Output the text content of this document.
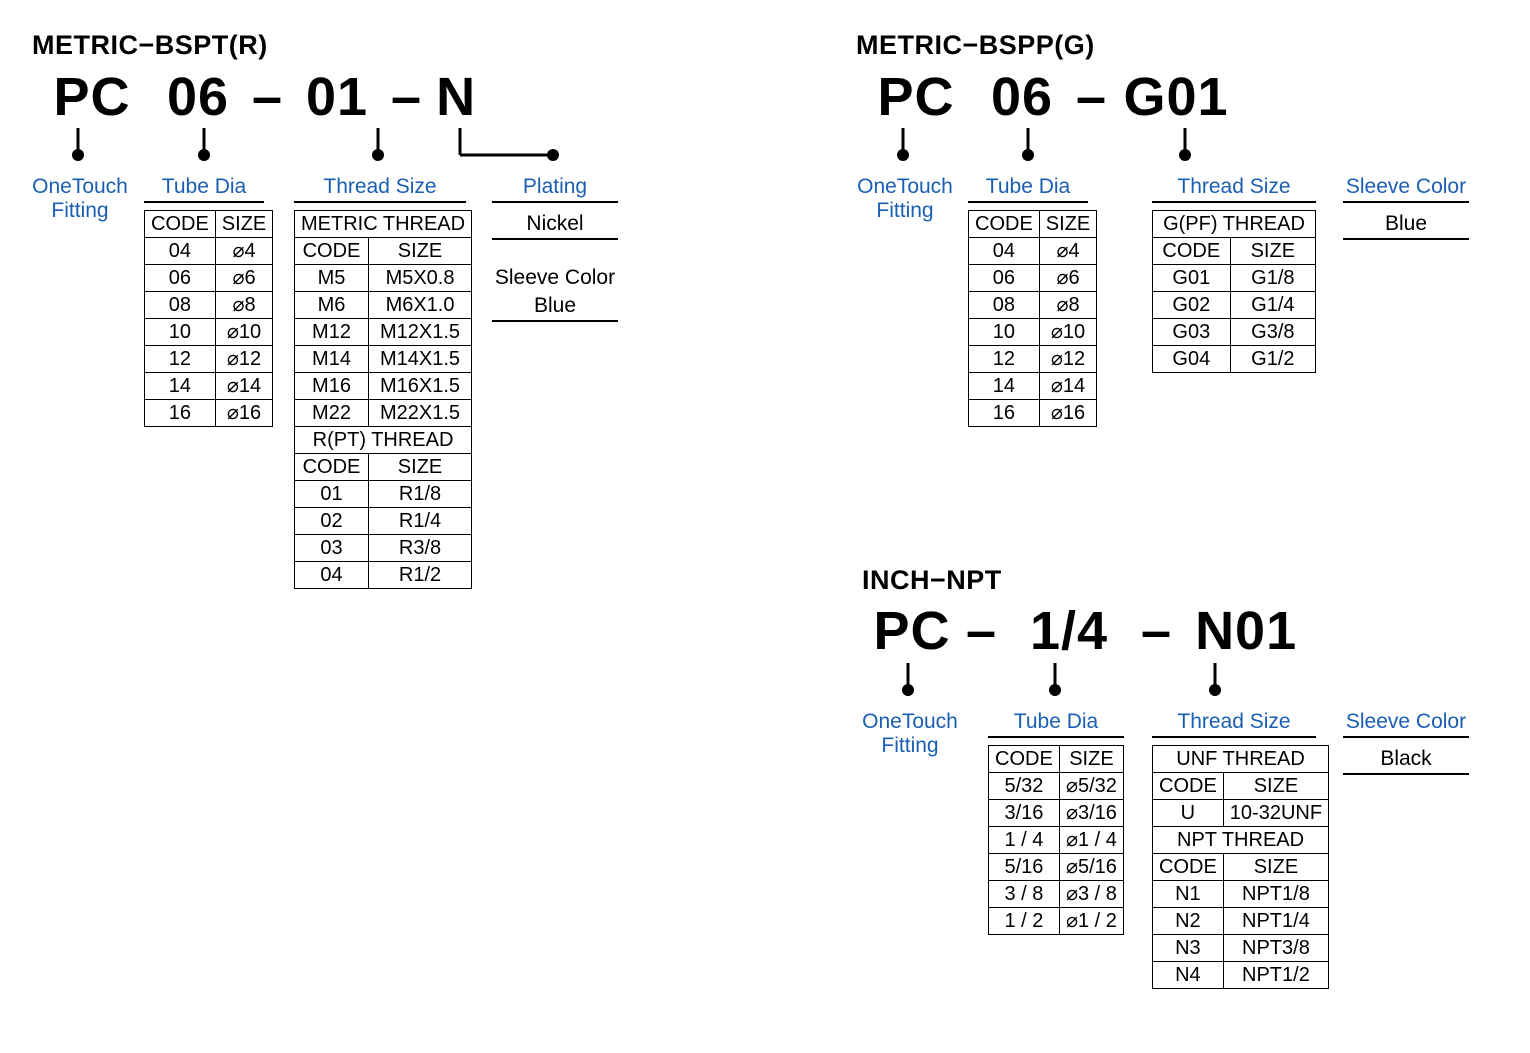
METRIC−BSPT(R)
PC 06 – 01 – N
OneTouch
Fitting
Tube Dia
CODE	SIZE
04	⌀4
06	⌀6
08	⌀8
10	⌀10
12	⌀12
14	⌀14
16	⌀16
Thread Size
METRIC THREAD	
CODE	SIZE
M5	M5X0.8
M6	M6X1.0
M12	M12X1.5
M14	M14X1.5
M16	M16X1.5
M22	M22X1.5
R(PT) THREAD	
CODE	SIZE
01	R1/8
02	R1/4
03	R3/8
04	R1/2
Plating
Nickel
Sleeve Color
Blue
METRIC−BSPP(G)
PC 06 – G01
OneTouch
Fitting
Tube Dia
CODE	SIZE
04	⌀4
06	⌀6
08	⌀8
10	⌀10
12	⌀12
14	⌀14
16	⌀16
Thread Size
G(PF) THREAD	
CODE	SIZE
G01	G1/8
G02	G1/4
G03	G3/8
G04	G1/2
Sleeve Color
Blue
INCH−NPT
PC – 1/4 – N01
OneTouch
Fitting
Tube Dia
CODE	SIZE
5/32	⌀5/32
3/16	⌀3/16
1 / 4	⌀1 / 4
5/16	⌀5/16
3 / 8	⌀3 / 8
1 / 2	⌀1 / 2
Thread Size
UNF THREAD	
CODE	SIZE
U	10-32UNF
NPT THREAD	
CODE	SIZE
N1	NPT1/8
N2	NPT1/4
N3	NPT3/8
N4	NPT1/2
Sleeve Color
Black
